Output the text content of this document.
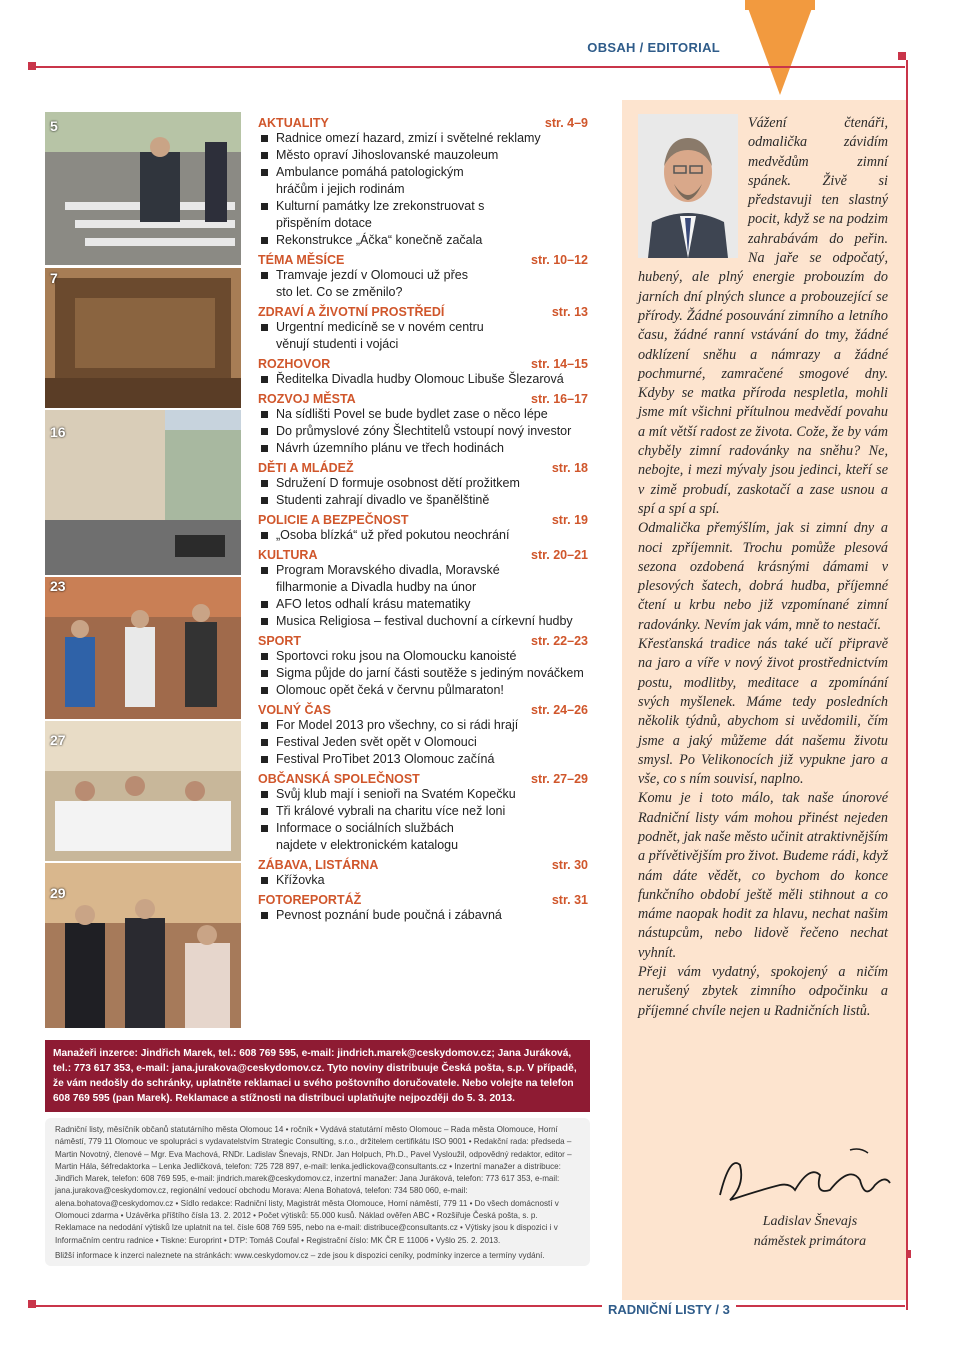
OBSAH / EDITORIAL
RADNIČNÍ LISTY / 3
5
7
16
23
27
29
AKTUALITY	str. 4–9
Radnice omezí hazard, zmizí i světelné reklamy
Město opraví Jihoslovanské mauzoleum
Ambulance pomáhá patologickým hráčům i jejich rodinám
Kulturní památky lze zrekonstruovat s přispěním dotace
Rekonstrukce „Áčka“ konečně začala
TÉMA MĚSÍCE	str. 10–12
Tramvaje jezdí v Olomouci už přes sto let. Co se změnilo?
ZDRAVÍ A ŽIVOTNÍ PROSTŘEDÍ	str. 13
Urgentní medicíně se v novém centru věnují studenti i vojáci
ROZHOVOR	str. 14–15
Ředitelka Divadla hudby Olomouc Libuše Šlezarová
ROZVOJ MĚSTA	str. 16–17
Na sídlišti Povel se bude bydlet zase o něco lépe
Do průmyslové zóny Šlechtitelů vstoupí nový investor
Návrh územního plánu ve třech hodinách
DĚTI A MLÁDEŽ	str. 18
Sdružení D formuje osobnost dětí prožitkem
Studenti zahrají divadlo ve španělštině
POLICIE A BEZPEČNOST	str. 19
„Osoba blízká“ už před pokutou neochrání
KULTURA	str. 20–21
Program Moravského divadla, Moravské filharmonie a Divadla hudby na únor
AFO letos odhalí krásu matematiky
Musica Religiosa – festival duchovní a církevní hudby
SPORT	str. 22–23
Sportovci roku jsou na Olomoucku kanoisté
Sigma půjde do jarní části soutěže s jediným nováčkem
Olomouc opět čeká v červnu půlmaraton!
VOLNÝ ČAS	str. 24–26
For Model 2013 pro všechny, co si rádi hrají
Festival Jeden svět opět v Olomouci
Festival ProTibet 2013 Olomouc začíná
OBČANSKÁ SPOLEČNOST	str. 27–29
Svůj klub mají i senioři na Svatém Kopečku
Tři králové vybrali na charitu více než loni
Informace o sociálních službách najdete v elektronickém katalogu
ZÁBAVA, LISTÁRNA	str. 30
Křížovka
FOTOREPORTÁŽ	str. 31
Pevnost poznání bude poučná i zábavná
Manažeři inzerce: Jindřich Marek, tel.: 608 769 595, e-mail: jindrich.marek@ceskydomov.cz; Jana Juráková, tel.: 773 617 353, e-mail: jana.jurakova@ceskydomov.cz. Tyto noviny distribuuje Česká pošta, s.p. V případě, že vám nedošly do schránky, uplatněte reklamaci u svého poštovního doručovatele. Nebo volejte na telefon 608 769 595 (pan Marek). Reklamace a stížnosti na distribuci uplatňujte nejpozději do 5. 3. 2013.
Radniční listy, měsíčník občanů statutárního města Olomouc 14 • ročník • Vydává statutární město Olomouc – Rada města Olomouce, Horní náměstí, 779 11 Olomouc ve spolupráci s vydavatelstvím Strategic Consulting, s.r.o., držitelem certifikátu ISO 9001 • Redakční rada: předseda – Martin Novotný, členové – Mgr. Eva Machová, RNDr. Ladislav Šnevajs, RNDr. Jan Holpuch, Ph.D., Pavel Vysloužil, odpovědný redaktor, editor – Martin Hála, šéfredaktorka – Lenka Jedličková, telefon: 725 728 897, e-mail: lenka.jedlickova@consultants.cz • Inzertní manažer a distribuce: Jindřich Marek, telefon: 608 769 595, e-mail: jindrich.marek@ceskydomov.cz, inzertní manažer: Jana Juráková, telefon: 773 617 353, e-mail: jana.jurakova@ceskydomov.cz, regionální vedoucí obchodu Morava: Alena Bohatová, telefon: 734 580 060, e-mail: alena.bohatova@ceskydomov.cz • Sídlo redakce: Radniční listy, Magistrát města Olomouce, Horní náměstí, 779 11 • Do všech domácností v Olomouci zdarma • Uzávěrka příštího čísla 13. 2. 2012 • Počet výtisků: 55.000 kusů. Náklad ověřen ABC • Rozšiřuje Česká pošta, s. p. Reklamace na nedodání výtisků lze uplatnit na tel. čísle 608 769 595, nebo na e-mail: distribuce@consultants.cz • Výtisky jsou k dispozici i v Informačním centru radnice • Tiskne: Europrint • DTP: Tomáš Coufal • Registrační číslo: MK ČR E 11006 • Vyšlo 25. 2. 2013.
Bližší informace k inzerci naleznete na stránkách: www.ceskydomov.cz – zde jsou k dispozici ceníky, podmínky inzerce a termíny vydání.

Vážení čtenáři, odmalička závidím medvědům zimní spánek. Živě si představuji ten slastný pocit, když se na podzim zahrabávám do peřin. Na jaře se odpočatý, hubený, ale plný energie probouzím do jarních dní plných slunce a probouzející se přírody. Žádné posouvání zimního a letního času, žádné ranní vstávání do tmy, žádné odklízení sněhu a námrazy a žádné pochmurné, zamračené smogové dny. Kdyby se matka příroda nespletla, mohli jsme mít všichni přítulnou medvědí povahu a mít větší radost ze života. Cože, že by vám chyběly zimní radovánky na sněhu? Ne, nebojte, i mezi mývaly jsou jedinci, kteří se v zimě probudí, zaskotačí a zase usnou a spí a spí a spí.

Odmalička přemýšlím, jak si zimní dny a noci zpříjemnit. Trochu pomůže plesová sezona ozdobená krásnými dámami v plesových šatech, dobrá hudba, příjemné čtení u krbu nebo již vzpomínané zimní radovánky. Nevím jak vám, mně to nestačí.

Křesťanská tradice nás také učí připravě na jaro a víře v nový život prostřednictvím postu, modlitby, meditace a zpomínání svých myšlenek. Máme tedy posledních několik týdnů, abychom si uvědomili, čím jsme a jaký můžeme dát našemu životu smysl. Po Velikonocích již vypukne jaro a vše, co s ním souvisí, naplno.

Komu je i toto málo, tak naše únorové Radniční listy vám mohou přinést nejeden podnět, jak naše město učinit atraktivnějším a přívětivějším pro život. Budeme rádi, když nám dáte vědět, co bychom do konce funkčního období ještě měli stihnout a co máme naopak hodit za hlavu, nechat našim nástupcům, nebo lidově řečeno nechat vyhnít.

Přeji vám vydatný, spokojený a ničím nerušený zbytek zimního odpočinku a příjemné chvíle nejen u Radničních listů.

Ladislav Šnevajs
náměstek primátora
